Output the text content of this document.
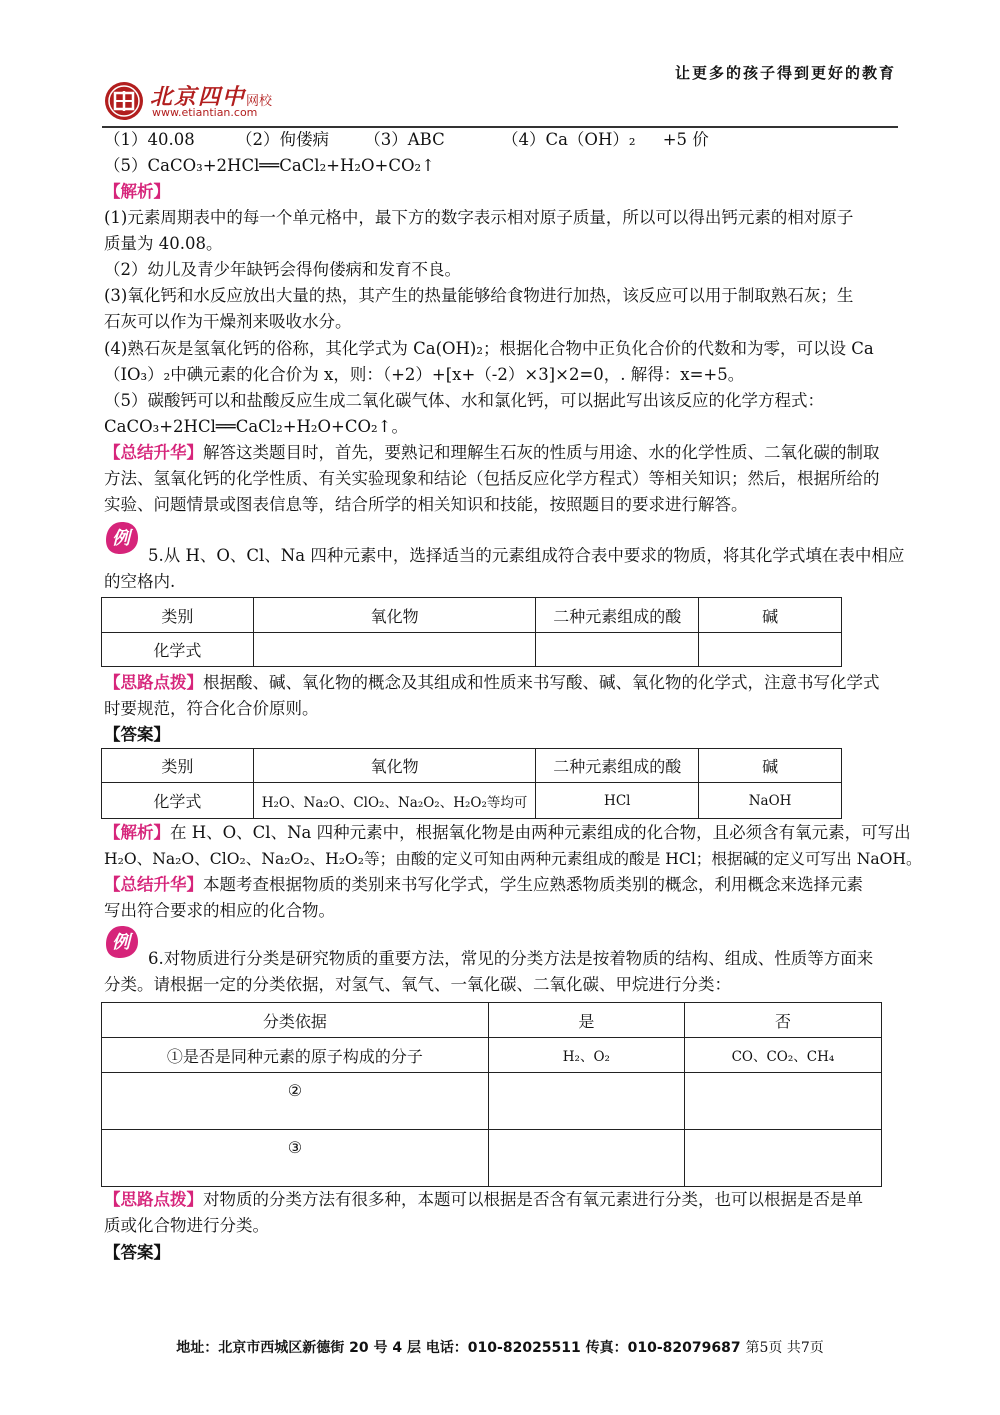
让更多的孩子得到更好的教育
北京四中 网校
www.etiantian.com
（1）40.08	（2）佝偻病 （3）ABC	（4）Ca（OH）₂ +5 价
（5）CaCO₃+2HCl══CaCl₂+H₂O+CO₂↑
【解析】
(1)元素周期表中的每一个单元格中，最下方的数字表示相对原子质量，所以可以得出钙元素的相对原子
质量为 40.08。
（2）幼儿及青少年缺钙会得佝偻病和发育不良。
(3)氧化钙和水反应放出大量的热，其产生的热量能够给食物进行加热，该反应可以用于制取熟石灰；生
石灰可以作为干燥剂来吸收水分。
(4)熟石灰是氢氧化钙的俗称，其化学式为 Ca(OH)₂；根据化合物中正负化合价的代数和为零，可以设 Ca
（IO₃）₂中碘元素的化合价为 x，则：（+2）+[x+（-2）×3]×2=0，. 解得：x=+5。
（5）碳酸钙可以和盐酸反应生成二氧化碳气体、水和氯化钙，可以据此写出该反应的化学方程式：
CaCO₃+2HCl══CaCl₂+H₂O+CO₂↑。
【总结升华】解答这类题目时，首先，要熟记和理解生石灰的性质与用途、水的化学性质、二氧化碳的制取
方法、氢氧化钙的化学性质、有关实验现象和结论（包括反应化学方程式）等相关知识；然后，根据所给的
实验、问题情景或图表信息等，结合所学的相关知识和技能，按照题目的要求进行解答。
例
5.从 H、O、Cl、Na 四种元素中，选择适当的元素组成符合表中要求的物质，将其化学式填在表中相应
的空格内.
类别	氧化物	二种元素组成的酸	碱
化学式			
【思路点拨】根据酸、碱、氧化物的概念及其组成和性质来书写酸、碱、氧化物的化学式，注意书写化学式
时要规范，符合化合价原则。
【答案】
类别	氧化物	二种元素组成的酸	碱
化学式	H₂O、Na₂O、ClO₂、Na₂O₂、H₂O₂等均可	HCl	NaOH
【解析】在 H、O、Cl、Na 四种元素中，根据氧化物是由两种元素组成的化合物，且必须含有氧元素，可写出
H₂O、Na₂O、ClO₂、Na₂O₂、H₂O₂等；由酸的定义可知由两种元素组成的酸是 HCl；根据碱的定义可写出 NaOH。
【总结升华】本题考查根据物质的类别来书写化学式，学生应熟悉物质类别的概念，利用概念来选择元素
写出符合要求的相应的化合物。
例
6.对物质进行分类是研究物质的重要方法，常见的分类方法是按着物质的结构、组成、性质等方面来
分类。请根据一定的分类依据，对氢气、氧气、一氧化碳、二氧化碳、甲烷进行分类：
分类依据	是	否
①是否是同种元素的原子构成的分子	H₂、O₂	CO、CO₂、CH₄
②		
③		
【思路点拨】对物质的分类方法有很多种，本题可以根据是否含有氧元素进行分类，也可以根据是否是单
质或化合物进行分类。
【答案】
地址：北京市西城区新德街 20 号 4 层 电话：010-82025511 传真：010-82079687 第5页 共7页
